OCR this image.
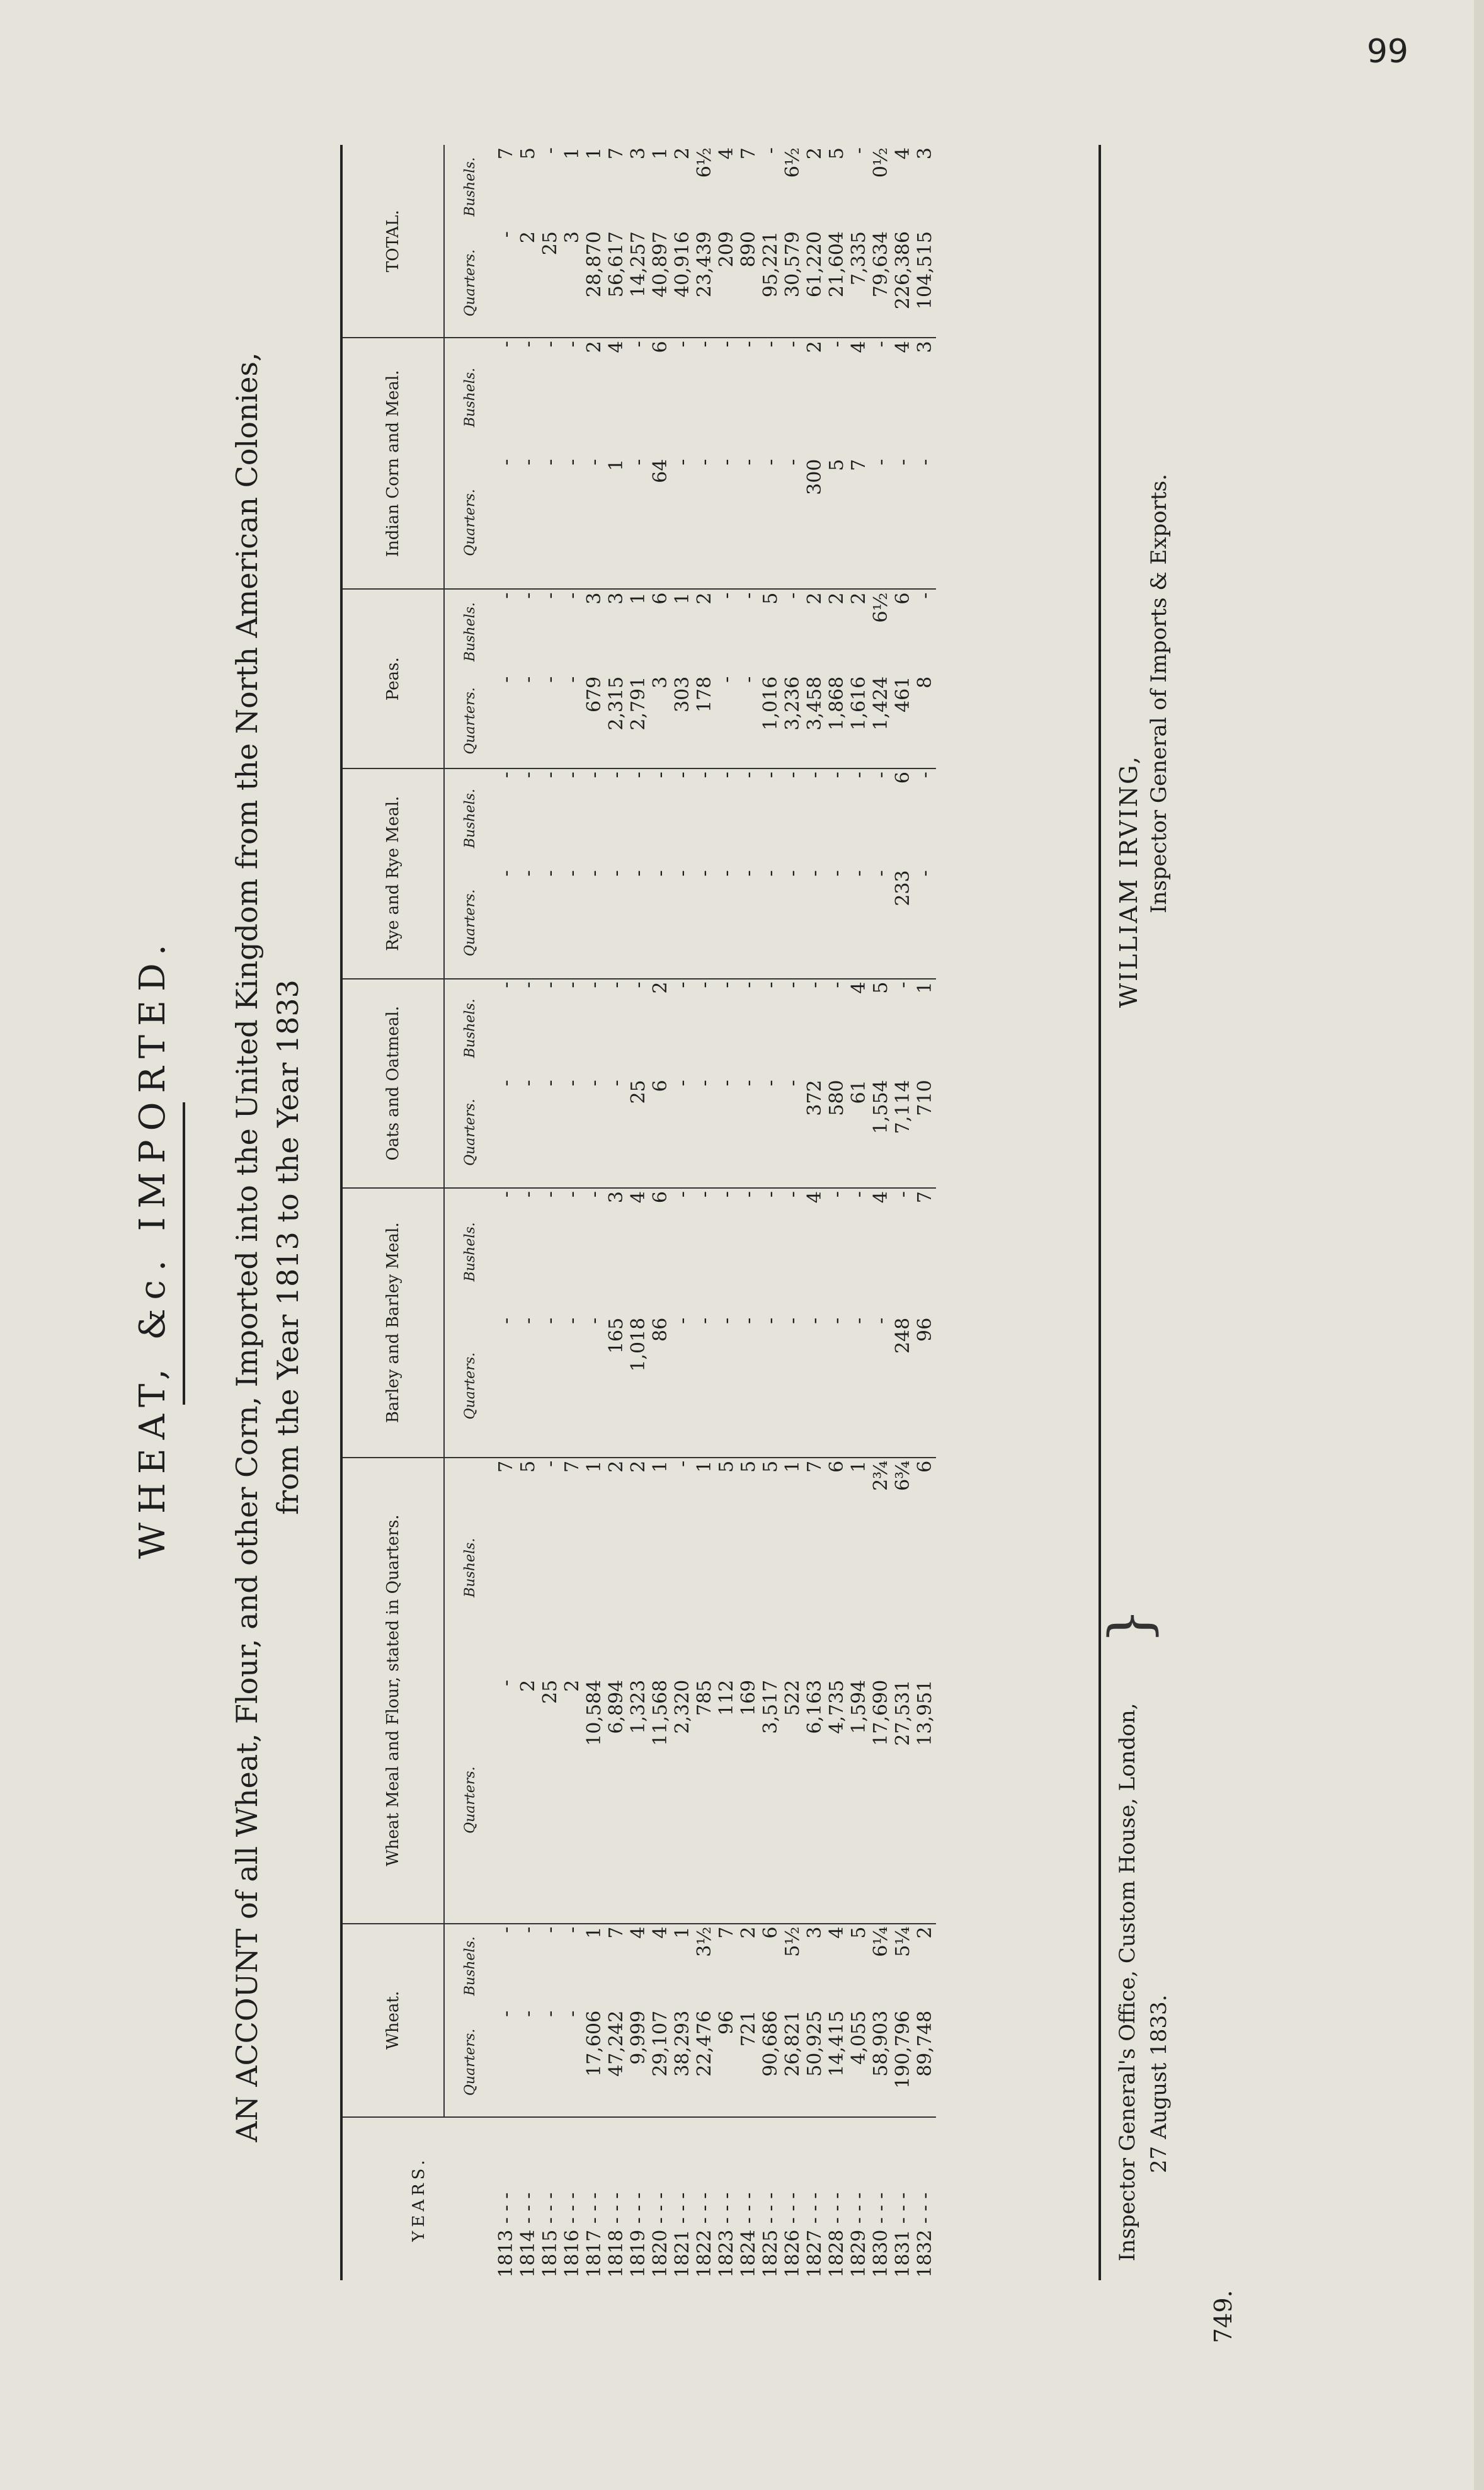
99
WHEAT, &c. IMPORTED. AN ACCOUNT of all Wheat, Flour, and other Corn, Imported into the United Kingdom from the North American Colonies, from the Year 1813 to the Year 1833
YEARS.	Wheat.		Wheat Meal and Flour, stated in Quarters.		Barley and Barley Meal.		Oats and Oatmeal.		Rye and Rye Meal.		Peas.		Indian Corn and Meal.		TOTAL.	
	Quarters.	Bushels.	Quarters.	Bushels.	Quarters.	Bushels.	Quarters.	Bushels.	Quarters.	Bushels.	Quarters.	Bushels.	Quarters.	Bushels.	Quarters.	Bushels.
1813 - - -	-	-	-	7	-	-	-	-	-	-	-	-	-	-	-	7
1814 - - -	-	-	2	5	-	-	-	-	-	-	-	-	-	-	2	5
1815 - - -	-	-	25	-	-	-	-	-	-	-	-	-	-	-	25	-
1816 - - -	-	-	2	7	-	-	-	-	-	-	-	-	-	-	3	1
1817 - - -	17,606	1	10,584	1	-	-	-	-	-	-	679	3	-	2	28,870	1
1818 - - -	47,242	7	6,894	2	165	3	-	-	-	-	2,315	3	1	4	56,617	7
1819 - - -	9,999	4	1,323	2	1,018	4	25	-	-	-	2,791	1	-	-	14,257	3
1820 - - -	29,107	4	11,568	1	86	6	6	2	-	-	3	6	64	6	40,897	1
1821 - - -	38,293	1	2,320	-	-	-	-	-	-	-	303	1	-	-	40,916	2
1822 - - -	22,476	3½	785	1	-	-	-	-	-	-	178	2	-	-	23,439	6½
1823 - - -	96	7	112	5	-	-	-	-	-	-	-	-	-	-	209	4
1824 - - -	721	2	169	5	-	-	-	-	-	-	-	-	-	-	890	7
1825 - - -	90,686	6	3,517	5	-	-	-	-	-	-	1,016	5	-	-	95,221	-
1826 - - -	26,821	5½	522	1	-	-	-	-	-	-	3,236	-	-	-	30,579	6½
1827 - - -	50,925	3	6,163	7	-	4	372	-	-	-	3,458	2	300	2	61,220	2
1828 - - -	14,415	4	4,735	6	-	-	580	-	-	-	1,868	2	5	-	21,604	5
1829 - - -	4,055	5	1,594	1	-	-	61	4	-	-	1,616	2	7	4	7,335	-
1830 - - -	58,903	6¼	17,690	2¾	-	4	1,554	5	-	-	1,424	6½	-	-	79,634	0½
1831 - - -	190,796	5¼	27,531	6¾	248	-	7,114	-	233	6	461	6	-	4	226,386	4
1832 - - -	89,748	2	13,951	6	96	7	710	1	-	-	8	-	-	3	104,515	3
Inspector General's Office, Custom House, London,
}
27 August 1833.
WILLIAM IRVING, Inspector General of Imports & Exports.
749.
